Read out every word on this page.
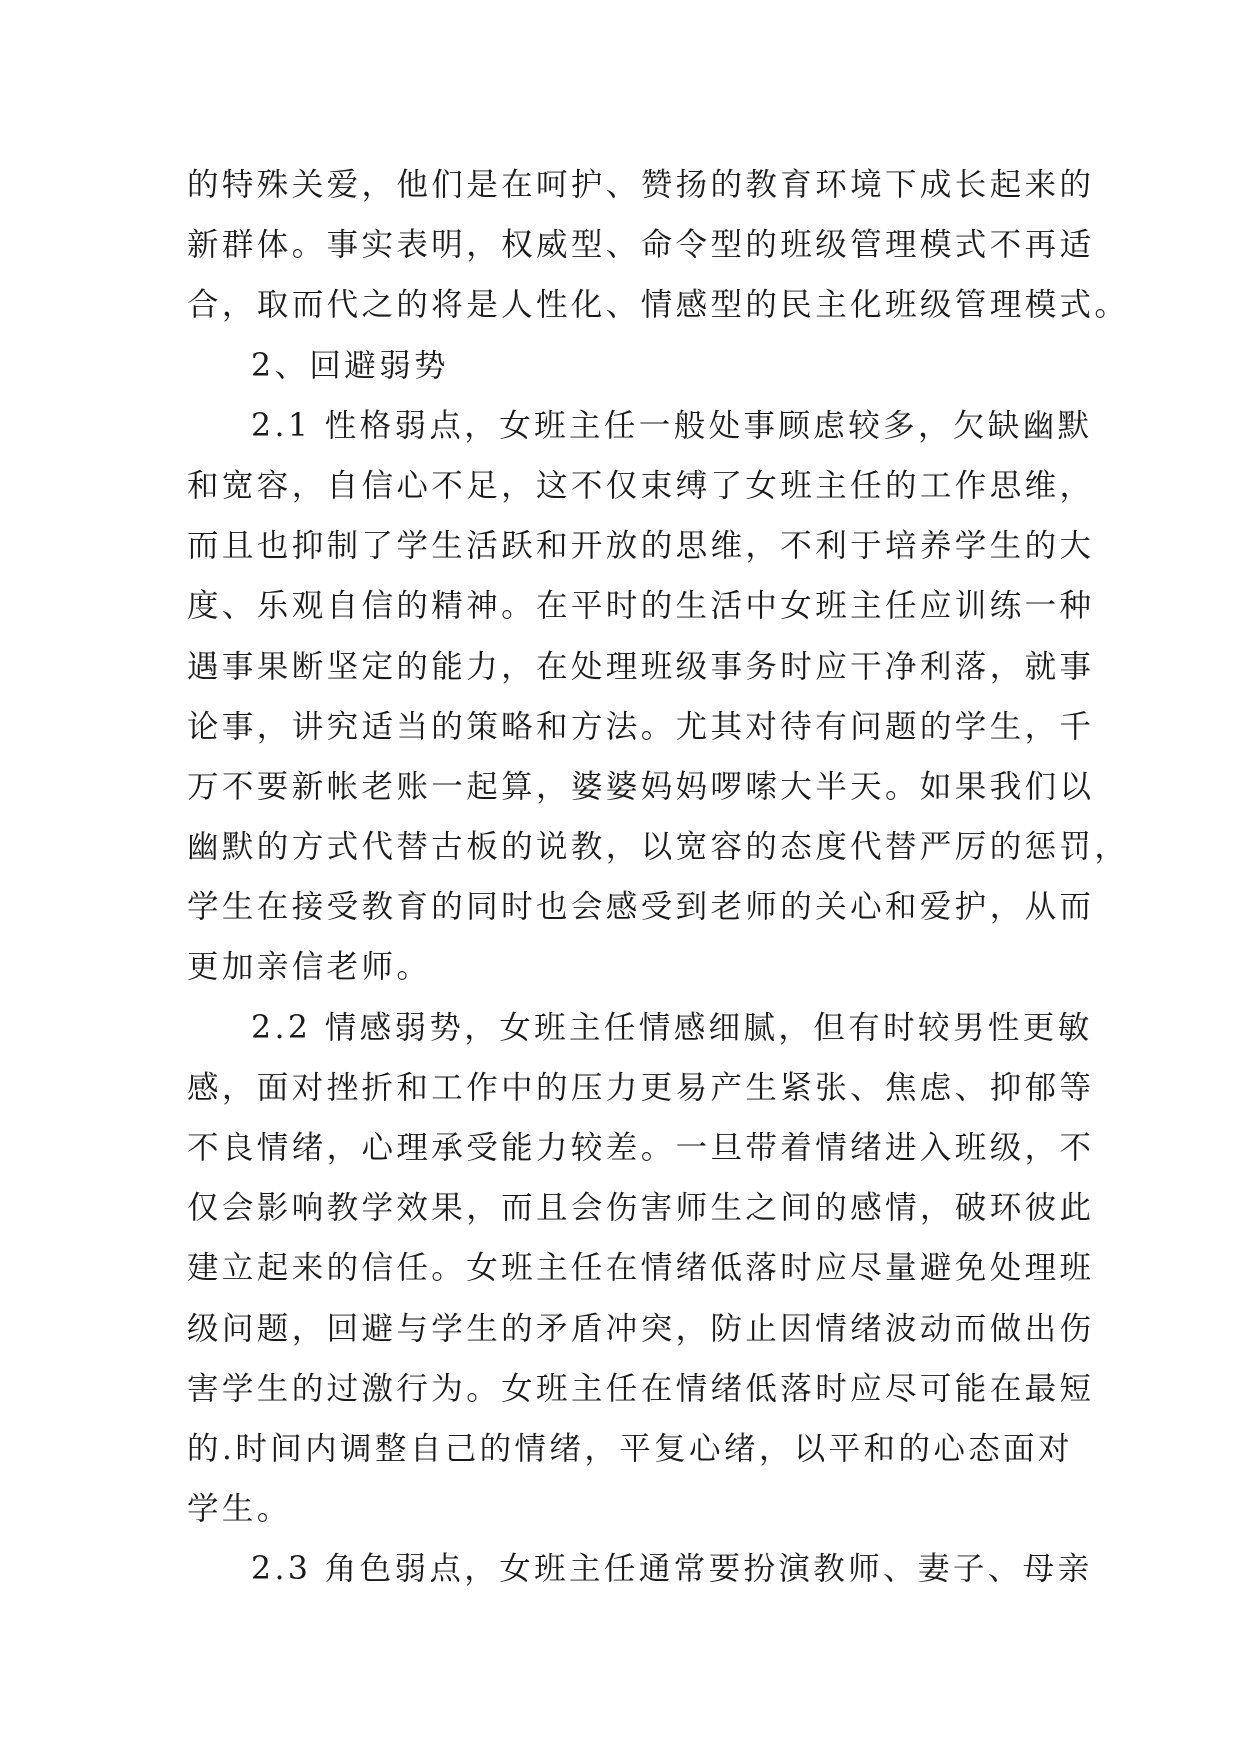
的特殊关爱，他们是在呵护、赞扬的教育环境下成长起来的
新群体。事实表明，权威型、命令型的班级管理模式不再适
合，取而代之的将是人性化、情感型的民主化班级管理模式。
2、回避弱势
2.1 性格弱点，女班主任一般处事顾虑较多，欠缺幽默
和宽容，自信心不足，这不仅束缚了女班主任的工作思维，
而且也抑制了学生活跃和开放的思维，不利于培养学生的大
度、乐观自信的精神。在平时的生活中女班主任应训练一种
遇事果断坚定的能力，在处理班级事务时应干净利落，就事
论事，讲究适当的策略和方法。尤其对待有问题的学生，千
万不要新帐老账一起算，婆婆妈妈啰嗦大半天。如果我们以
幽默的方式代替古板的说教，以宽容的态度代替严厉的惩罚，
学生在接受教育的同时也会感受到老师的关心和爱护，从而
更加亲信老师。
2.2 情感弱势，女班主任情感细腻，但有时较男性更敏
感，面对挫折和工作中的压力更易产生紧张、焦虑、抑郁等
不良情绪，心理承受能力较差。一旦带着情绪进入班级，不
仅会影响教学效果，而且会伤害师生之间的感情，破环彼此
建立起来的信任。女班主任在情绪低落时应尽量避免处理班
级问题，回避与学生的矛盾冲突，防止因情绪波动而做出伤
害学生的过激行为。女班主任在情绪低落时应尽可能在最短
的.时间内调整自己的情绪，平复心绪，以平和的心态面对
学生。
2.3 角色弱点，女班主任通常要扮演教师、妻子、母亲
